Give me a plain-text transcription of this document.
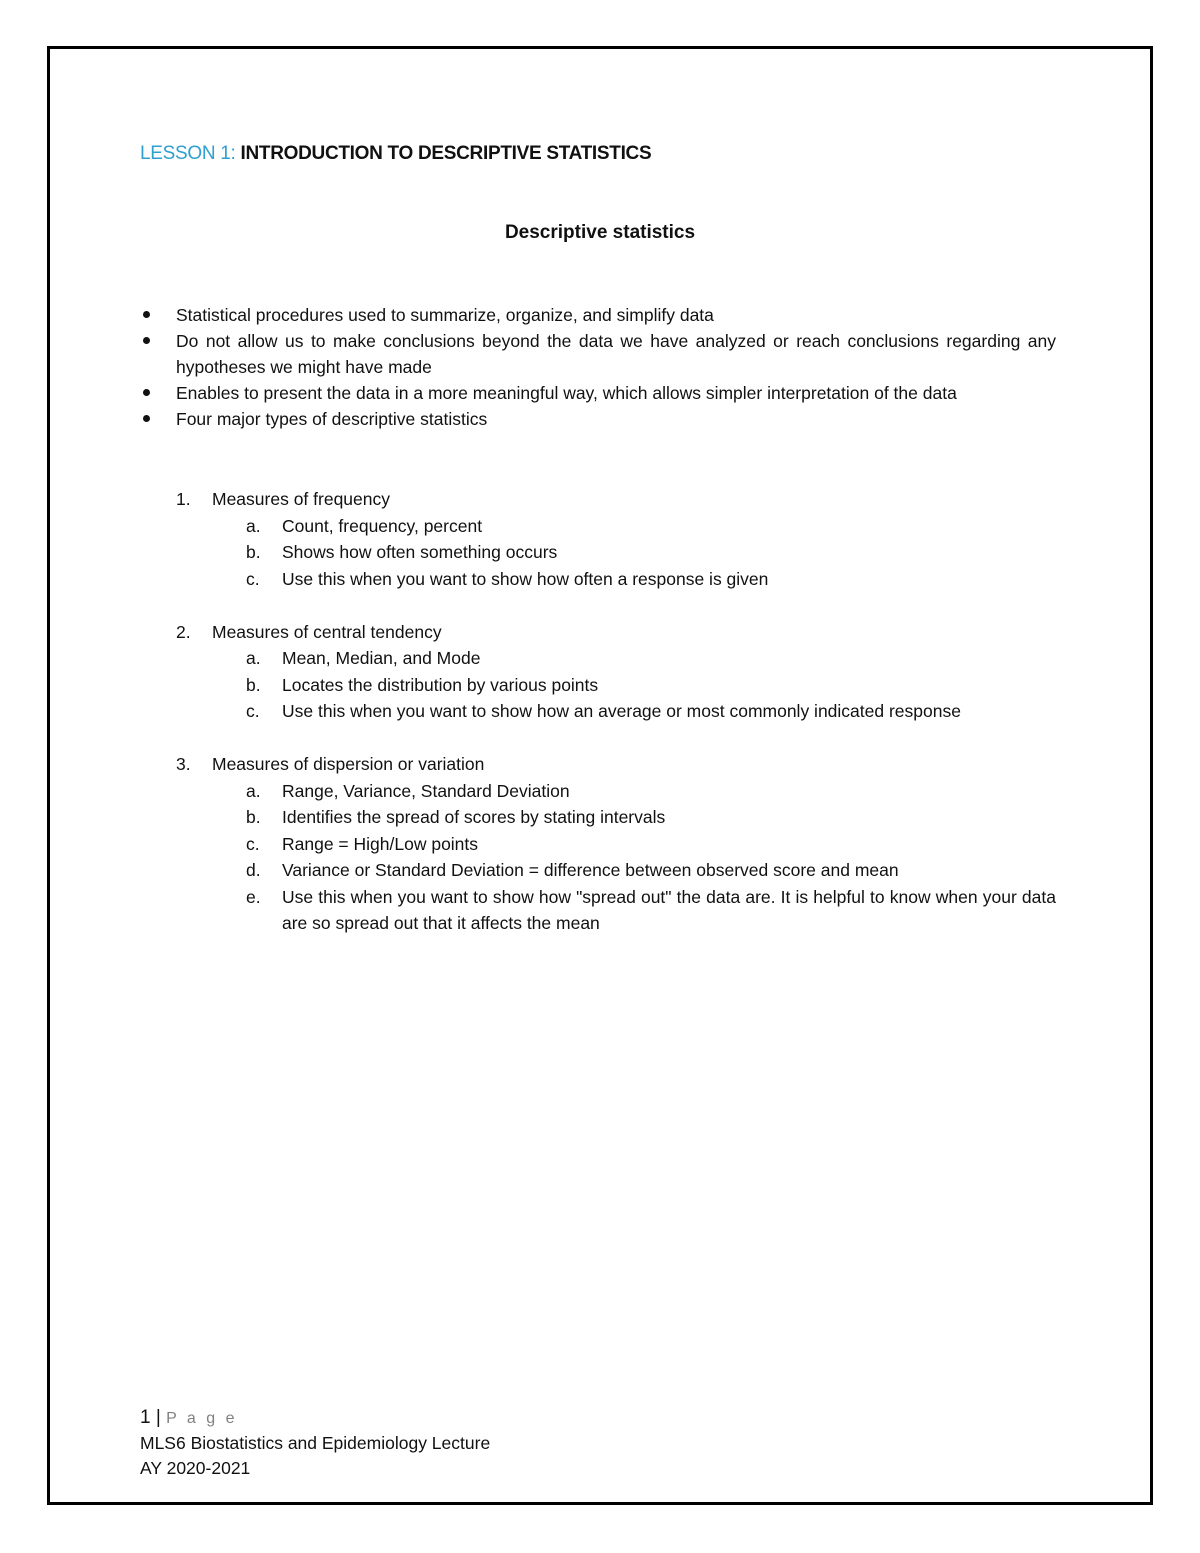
LESSON 1: INTRODUCTION TO DESCRIPTIVE STATISTICS
Descriptive statistics
Statistical procedures used to summarize, organize, and simplify data
Do not allow us to make conclusions beyond the data we have analyzed or reach conclusions regarding any hypotheses we might have made
Enables to present the data in a more meaningful way, which allows simpler interpretation of the data
Four major types of descriptive statistics
1. Measures of frequency
a. Count, frequency, percent
b. Shows how often something occurs
c. Use this when you want to show how often a response is given
2. Measures of central tendency
a. Mean, Median, and Mode
b. Locates the distribution by various points
c. Use this when you want to show how an average or most commonly indicated response
3. Measures of dispersion or variation
a. Range, Variance, Standard Deviation
b. Identifies the spread of scores by stating intervals
c. Range = High/Low points
d. Variance or Standard Deviation = difference between observed score and mean
e. Use this when you want to show how "spread out" the data are. It is helpful to know when your data are so spread out that it affects the mean
1 | P a g e
MLS6 Biostatistics and Epidemiology Lecture
AY 2020-2021
